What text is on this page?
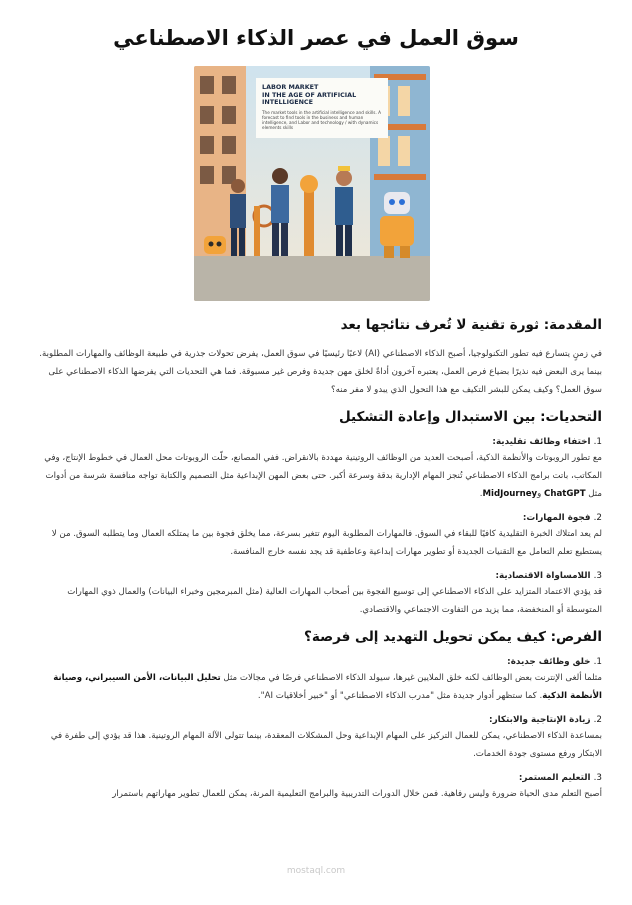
سوق العمل في عصر الذكاء الاصطناعي
LABOR MARKET
IN THE AGE OF ARTIFICIAL
INTELLIGENCE
The market tools in the artificial intelligence and skills. A forecast to find tools in the business and human intelligence, and Labor and technology / with dynamics elements skills
المقدمة: ثورة تقنية لا تُعرف نتائجها بعد

في زمنٍ يتسارع فيه تطور التكنولوجيا، أصبح الذكاء الاصطناعي (AI) لاعبًا رئيسيًا في سوق العمل، يفرض تحولات جذرية في طبيعة الوظائف والمهارات المطلوبة. بينما يرى البعض فيه نذيرًا بضياع فرص العمل، يعتبره آخرون أداةً لخلق مهن جديدة وفرص غير مسبوقة. فما هي التحديات التي يفرضها الذكاء الاصطناعي على سوق العمل؟ وكيف يمكن للبشر التكيف مع هذا التحول الذي يبدو لا مفر منه؟

التحديات: بين الاستبدال وإعادة التشكيل
1. اختفاء وظائف تقليدية:

مع تطور الروبوتات والأنظمة الذكية، أصبحت العديد من الوظائف الروتينية مهددة بالانقراض. ففي المصانع، حلّت الروبوتات محل العمال في خطوط الإنتاج، وفي المكاتب، باتت برامج الذكاء الاصطناعي تُنجز المهام الإدارية بدقة وسرعة أكبر. حتى بعض المهن الإبداعية مثل التصميم والكتابة تواجه منافسة شرسة من أدوات مثل ChatGPT وMidJourney.

2. فجوة المهارات:

لم يعد امتلاك الخبرة التقليدية كافيًا للبقاء في السوق. فالمهارات المطلوبة اليوم تتغير بسرعة، مما يخلق فجوة بين ما يمتلكه العمال وما يتطلبه السوق. من لا يستطيع تعلم التعامل مع التقنيات الجديدة أو تطوير مهارات إبداعية وعاطفية قد يجد نفسه خارج المنافسة.

3. اللامساواة الاقتصادية:

قد يؤدي الاعتماد المتزايد على الذكاء الاصطناعي إلى توسيع الفجوة بين أصحاب المهارات العالية (مثل المبرمجين وخبراء البيانات) والعمال ذوي المهارات المتوسطة أو المنخفضة، مما يزيد من التفاوت الاجتماعي والاقتصادي.

الفرص: كيف يمكن تحويل التهديد إلى فرصة؟
1. خلق وظائف جديدة:

مثلما ألغى الإنترنت بعض الوظائف لكنه خلق الملايين غيرها، سيولد الذكاء الاصطناعي فرصًا في مجالات مثل تحليل البيانات، الأمن السيبراني، وصيانة الأنظمة الذكية. كما ستظهر أدوار جديدة مثل "مدرب الذكاء الاصطناعي" أو "خبير أخلاقيات AI".

2. زيادة الإنتاجية والابتكار:

بمساعدة الذكاء الاصطناعي، يمكن للعمال التركيز على المهام الإبداعية وحل المشكلات المعقدة، بينما تتولى الآلة المهام الروتينية. هذا قد يؤدي إلى طفرة في الابتكار ورفع مستوى جودة الخدمات.

3. التعليم المستمر:

أصبح التعلم مدى الحياة ضرورة وليس رفاهية. فمن خلال الدورات التدريبية والبرامج التعليمية المرنة، يمكن للعمال تطوير مهاراتهم باستمرار

mostaql.com
